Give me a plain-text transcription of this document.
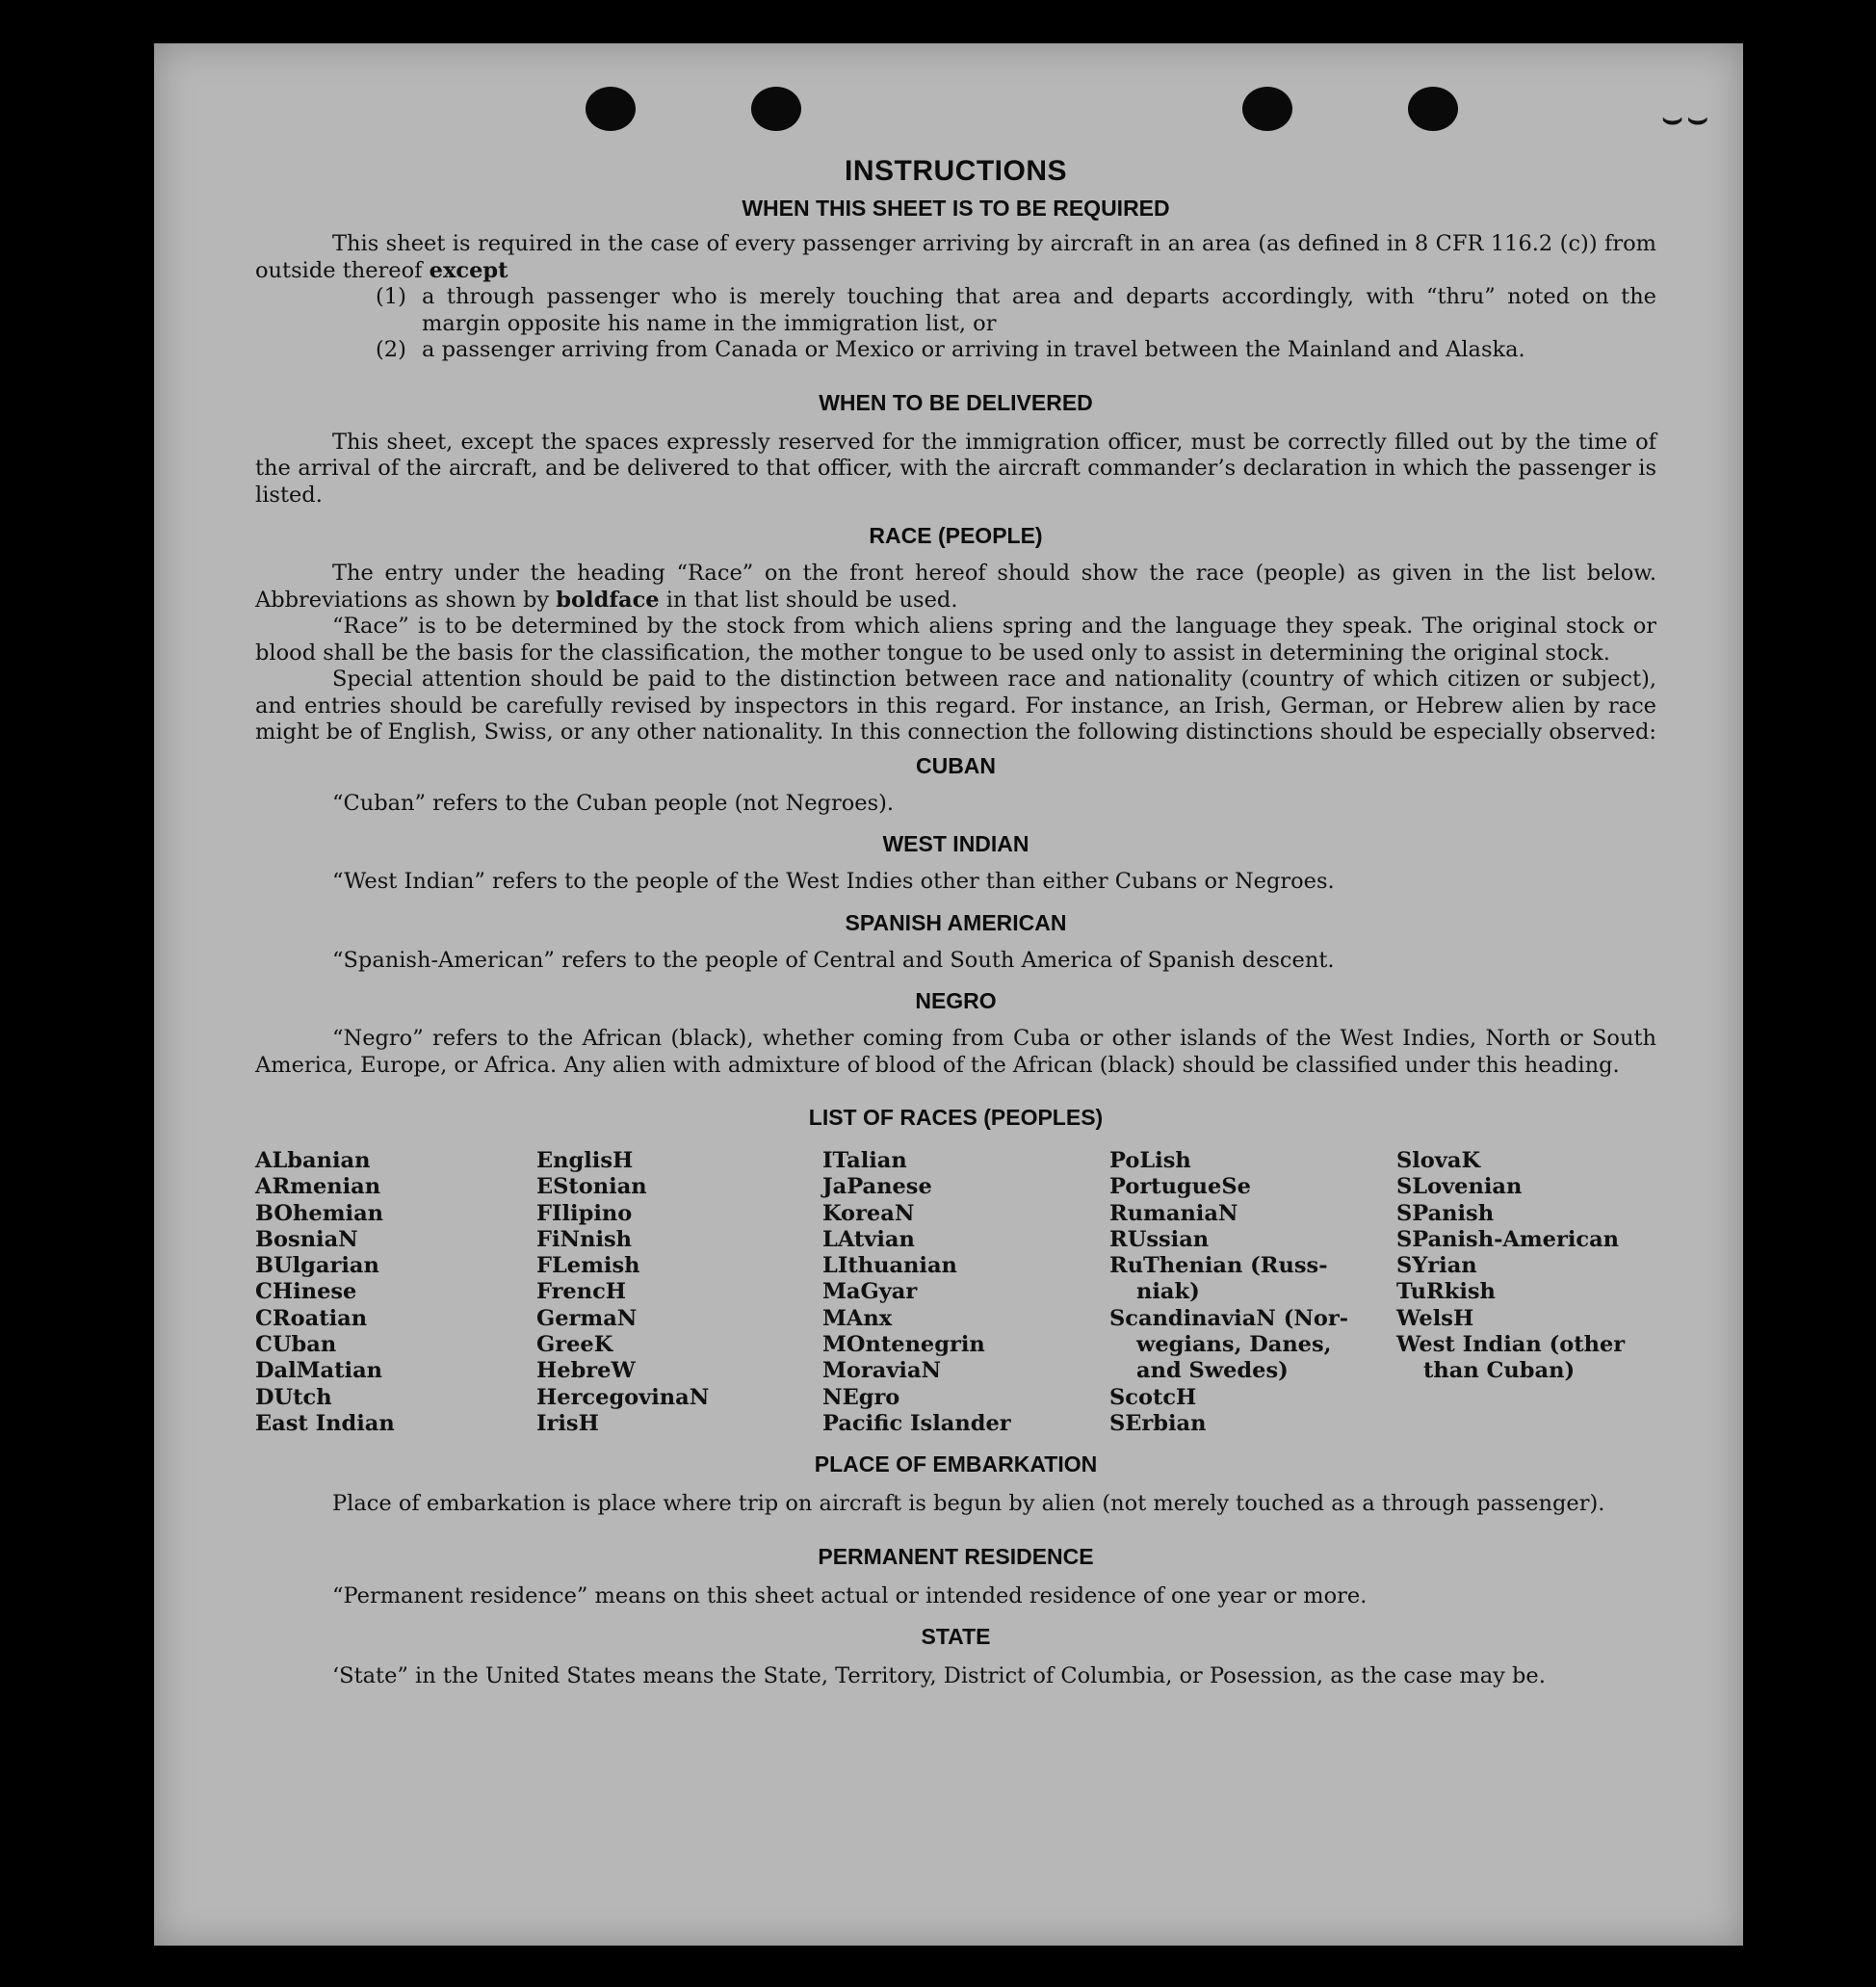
⌣ ⌣
INSTRUCTIONS
WHEN THIS SHEET IS TO BE REQUIRED

This sheet is required in the case of every passenger arriving by aircraft in an area (as defined in 8 CFR 116.2 (c)) from outside thereof except

(1) a through passenger who is merely touching that area and departs accordingly, with “thru” noted on the margin opposite his name in the immigration list, or
(2) a passenger arriving from Canada or Mexico or arriving in travel between the Mainland and Alaska.
WHEN TO BE DELIVERED

This sheet, except the spaces expressly reserved for the immigration officer, must be correctly filled out by the time of the arrival of the aircraft, and be delivered to that officer, with the aircraft commander’s declaration in which the passenger is listed.

RACE (PEOPLE)

The entry under the heading “Race” on the front hereof should show the race (people) as given in the list below. Abbreviations as shown by boldface in that list should be used.

“Race” is to be determined by the stock from which aliens spring and the language they speak. The original stock or blood shall be the basis for the classification, the mother tongue to be used only to assist in determining the original stock.

Special attention should be paid to the distinction between race and nationality (country of which citizen or subject), and entries should be carefully revised by inspectors in this regard. For instance, an Irish, German, or Hebrew alien by race might be of English, Swiss, or any other nationality. In this connection the following distinctions should be especially observed:

CUBAN

“Cuban” refers to the Cuban people (not Negroes).

WEST INDIAN

“West Indian” refers to the people of the West Indies other than either Cubans or Negroes.

SPANISH AMERICAN

“Spanish-American” refers to the people of Central and South America of Spanish descent.

NEGRO

“Negro” refers to the African (black), whether coming from Cuba or other islands of the West Indies, North or South America, Europe, or Africa. Any alien with admixture of blood of the African (black) should be classified under this heading.

LIST OF RACES (PEOPLES)
ALbanian
ARmenian
BOhemian
BosniaN
BUlgarian
CHinese
CRoatian
CUban
DalMatian
DUtch
East Indian
EnglisH
EStonian
FIlipino
FiNnish
FLemish
FrencH
GermaN
GreeK
HebreW
HercegovinaN
IrisH
ITalian
JaPanese
KoreaN
LAtvian
LIthuanian
MaGyar
MAnx
MOntenegrin
MoraviaN
NEgro
Pacific Islander
PoLish
PortugueSe
RumaniaN
RUssian
RuThenian (Russ-
niak)
ScandinaviaN (Nor-
wegians, Danes,
and Swedes)
ScotcH
SErbian
SlovaK
SLovenian
SPanish
SPanish-American
SYrian
TuRkish
WelsH
West Indian (other
than Cuban)
PLACE OF EMBARKATION

Place of embarkation is place where trip on aircraft is begun by alien (not merely touched as a through passenger).

PERMANENT RESIDENCE

“Permanent residence” means on this sheet actual or intended residence of one year or more.

STATE

‘State” in the United States means the State, Territory, District of Columbia, or Posession, as the case may be.
